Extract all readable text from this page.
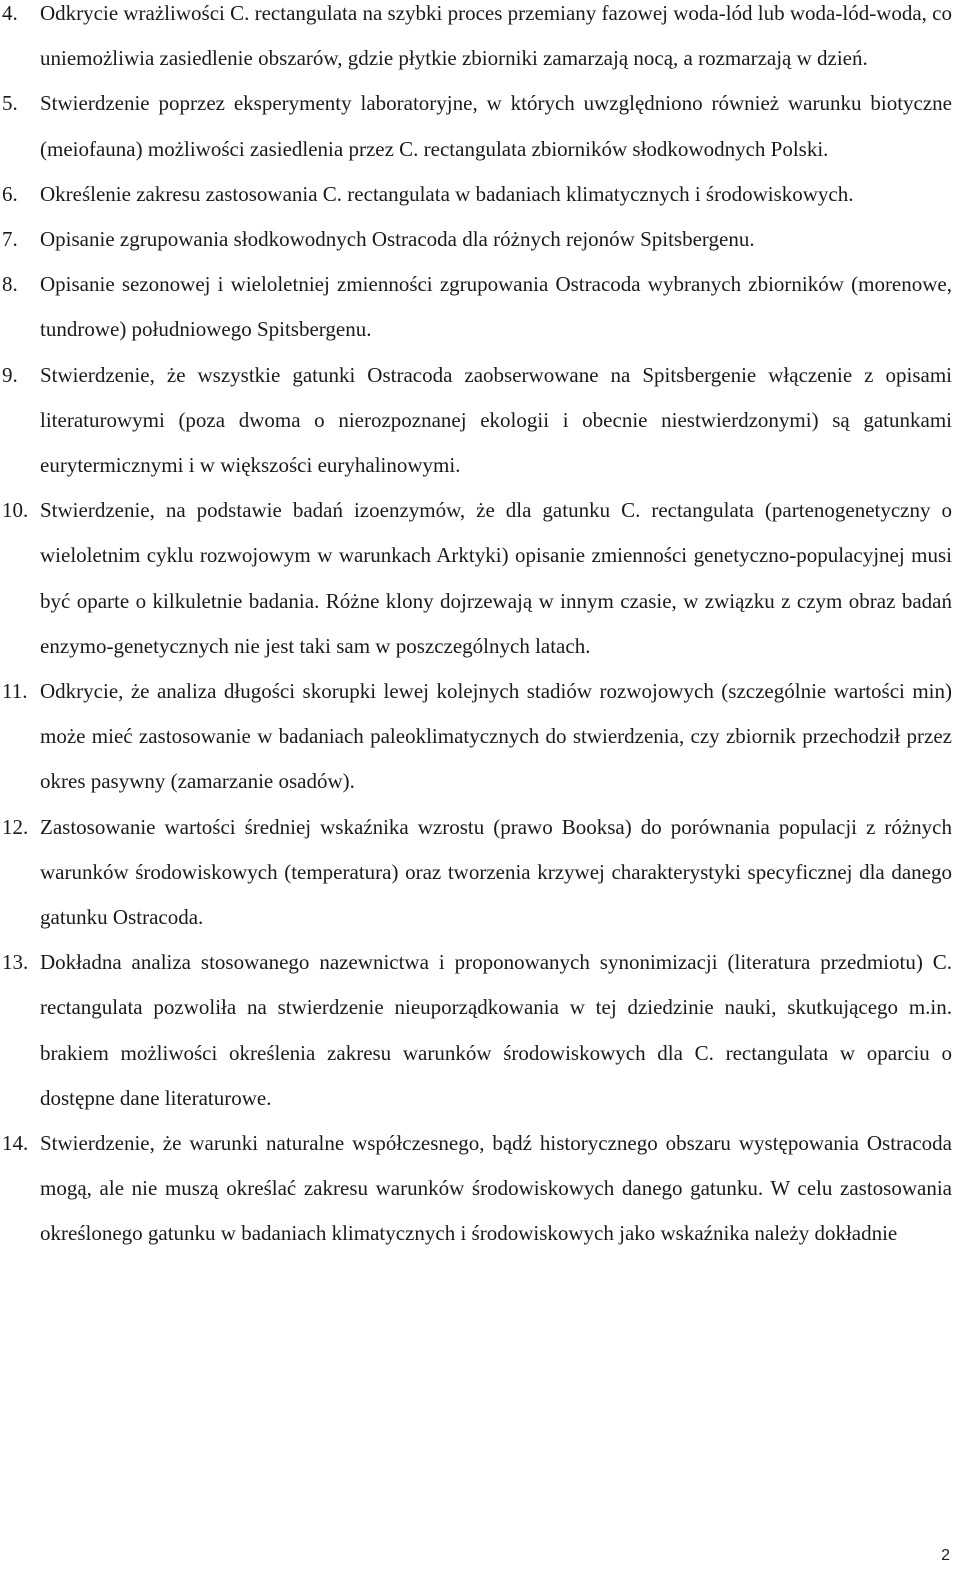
4. Odkrycie wrażliwości C. rectangulata na szybki proces przemiany fazowej woda-lód lub woda-lód-woda, co uniemożliwia zasiedlenie obszarów, gdzie płytkie zbiorniki zamarzają nocą, a rozmarzają w dzień.
5. Stwierdzenie poprzez eksperymenty laboratoryjne, w których uwzględniono również warunku biotyczne (meiofauna) możliwości zasiedlenia przez C. rectangulata zbiorników słodkowodnych Polski.
6. Określenie zakresu zastosowania C. rectangulata w badaniach klimatycznych i środowiskowych.
7. Opisanie zgrupowania słodkowodnych Ostracoda dla różnych rejonów Spitsbergenu.
8. Opisanie sezonowej i wieloletniej zmienności zgrupowania Ostracoda wybranych zbiorników (morenowe, tundrowe) południowego Spitsbergenu.
9. Stwierdzenie, że wszystkie gatunki Ostracoda zaobserwowane na Spitsbergenie włączenie z opisami literaturowymi (poza dwoma o nierozpoznanej ekologii i obecnie niestwierdzonymi) są gatunkami eurytermicznymi i w większości euryhalinowymi.
10. Stwierdzenie, na podstawie badań izoenzymów, że dla gatunku C. rectangulata (partenogenetyczny o wieloletnim cyklu rozwojowym w warunkach Arktyki) opisanie zmienności genetyczno-populacyjnej musi być oparte o kilkuletnie badania. Różne klony dojrzewają w innym czasie, w związku z czym obraz badań enzymo-genetycznych nie jest taki sam w poszczególnych latach.
11. Odkrycie, że analiza długości skorupki lewej kolejnych stadiów rozwojowych (szczególnie wartości min) może mieć zastosowanie w badaniach paleoklimatycznych do stwierdzenia, czy zbiornik przechodził przez okres pasywny (zamarzanie osadów).
12. Zastosowanie wartości średniej wskaźnika wzrostu (prawo Booksa) do porównania populacji z różnych warunków środowiskowych (temperatura) oraz tworzenia krzywej charakterystyki specyficznej dla danego gatunku Ostracoda.
13. Dokładna analiza stosowanego nazewnictwa i proponowanych synonimizacji (literatura przedmiotu) C. rectangulata pozwoliła na stwierdzenie nieuporządkowania w tej dziedzinie nauki, skutkującego m.in. brakiem możliwości określenia zakresu warunków środowiskowych dla C. rectangulata w oparciu o dostępne dane literaturowe.
14. Stwierdzenie, że warunki naturalne współczesnego, bądź historycznego obszaru występowania Ostracoda mogą, ale nie muszą określać zakresu warunków środowiskowych danego gatunku. W celu zastosowania określonego gatunku w badaniach klimatycznych i środowiskowych jako wskaźnika należy dokładnie
2
